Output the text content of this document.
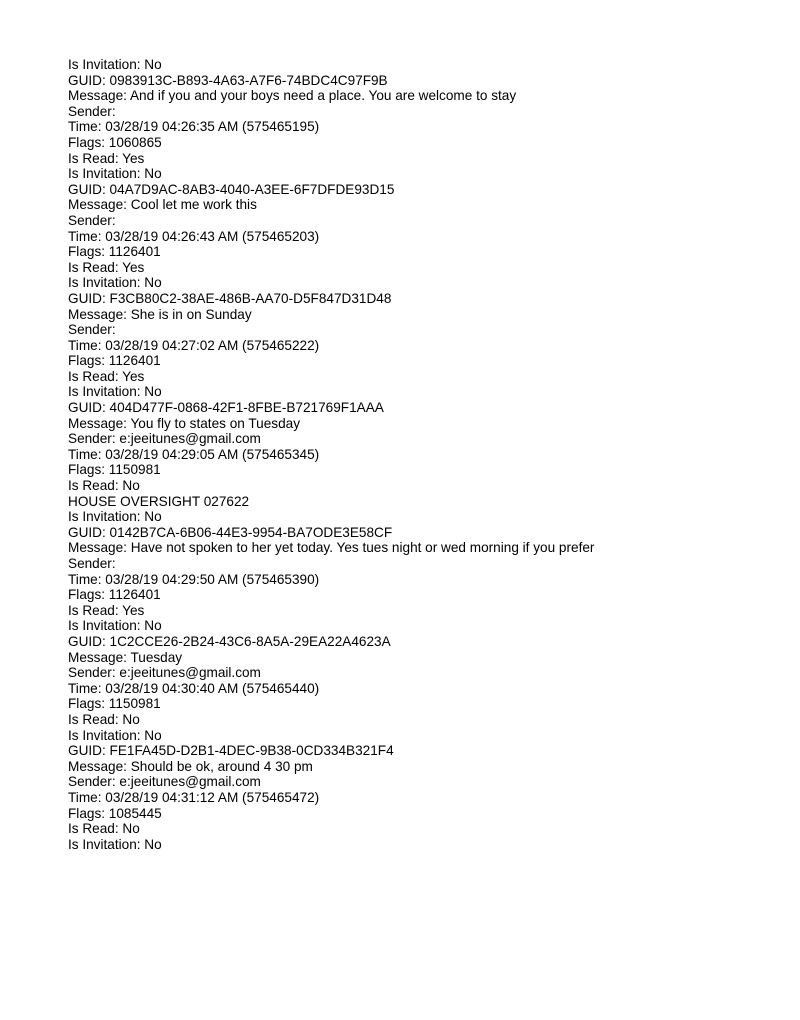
Is Invitation: No

GUID: 0983913C-B893-4A63-A7F6-74BDC4C97F9B

Message: And if you and your boys need a place. You are welcome to stay

Sender:

Time: 03/28/19 04:26:35 AM (575465195)

Flags: 1060865

Is Read: Yes

Is Invitation: No

GUID: 04A7D9AC-8AB3-4040-A3EE-6F7DFDE93D15

Message: Cool let me work this

Sender:

Time: 03/28/19 04:26:43 AM (575465203)

Flags: 1126401

Is Read: Yes

Is Invitation: No

GUID: F3CB80C2-38AE-486B-AA70-D5F847D31D48

Message: She is in on Sunday

Sender:

Time: 03/28/19 04:27:02 AM (575465222)

Flags: 1126401

Is Read: Yes

Is Invitation: No

GUID: 404D477F-0868-42F1-8FBE-B721769F1AAA

Message: You fly to states on Tuesday

Sender: e:jeeitunes@gmail.com

Time: 03/28/19 04:29:05 AM (575465345)

Flags: 1150981

Is Read: No

HOUSE OVERSIGHT 027622

Is Invitation: No

GUID: 0142B7CA-6B06-44E3-9954-BA7ODE3E58CF

Message: Have not spoken to her yet today. Yes tues night or wed morning if you prefer

Sender:

Time: 03/28/19 04:29:50 AM (575465390)

Flags: 1126401

Is Read: Yes

Is Invitation: No

GUID: 1C2CCE26-2B24-43C6-8A5A-29EA22A4623A

Message: Tuesday

Sender: e:jeeitunes@gmail.com

Time: 03/28/19 04:30:40 AM (575465440)

Flags: 1150981

Is Read: No

Is Invitation: No

GUID: FE1FA45D-D2B1-4DEC-9B38-0CD334B321F4

Message: Should be ok, around 4 30 pm

Sender: e:jeeitunes@gmail.com

Time: 03/28/19 04:31:12 AM (575465472)

Flags: 1085445

Is Read: No

Is Invitation: No
